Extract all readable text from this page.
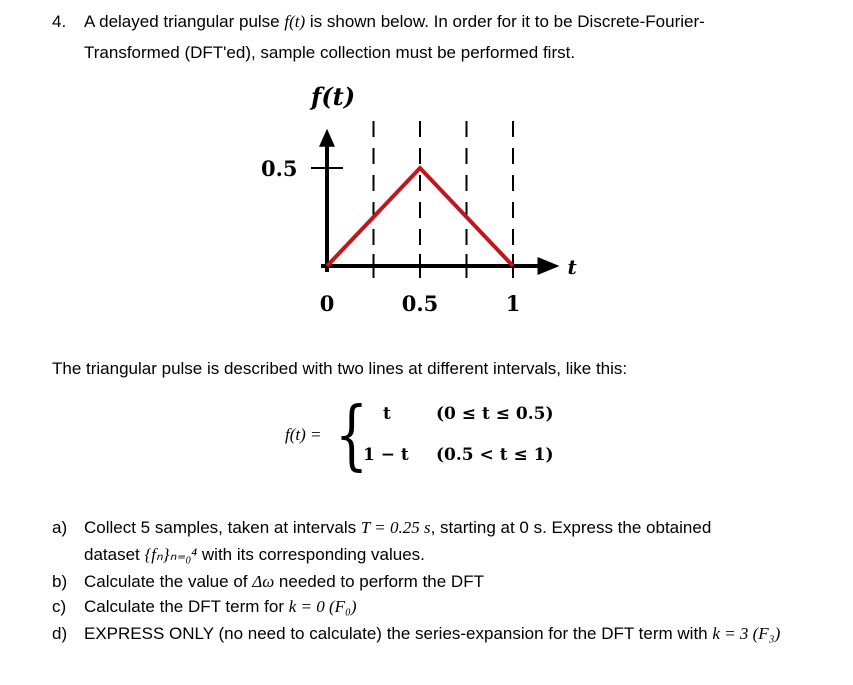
4. A delayed triangular pulse f(t) is shown below. In order for it to be Discrete-Fourier-
Transformed (DFT'ed), sample collection must be performed first.
f(t)
t
0.5
0	0.5	1
The triangular pulse is described with two lines at different intervals, like this:
f(t) = { t	(0 ≤ t ≤ 0.5)
1 − t (0.5 < t ≤ 1)
a) Collect 5 samples, taken at intervals T = 0.25 s, starting at 0 s. Express the obtained
dataset {fₙ}ₙ₌₀⁴ with its corresponding values.
b) Calculate the value of Δω needed to perform the DFT
c) Calculate the DFT term for k = 0 (F₀)
d) EXPRESS ONLY (no need to calculate) the series-expansion for the DFT term with k = 3 (F₃)
